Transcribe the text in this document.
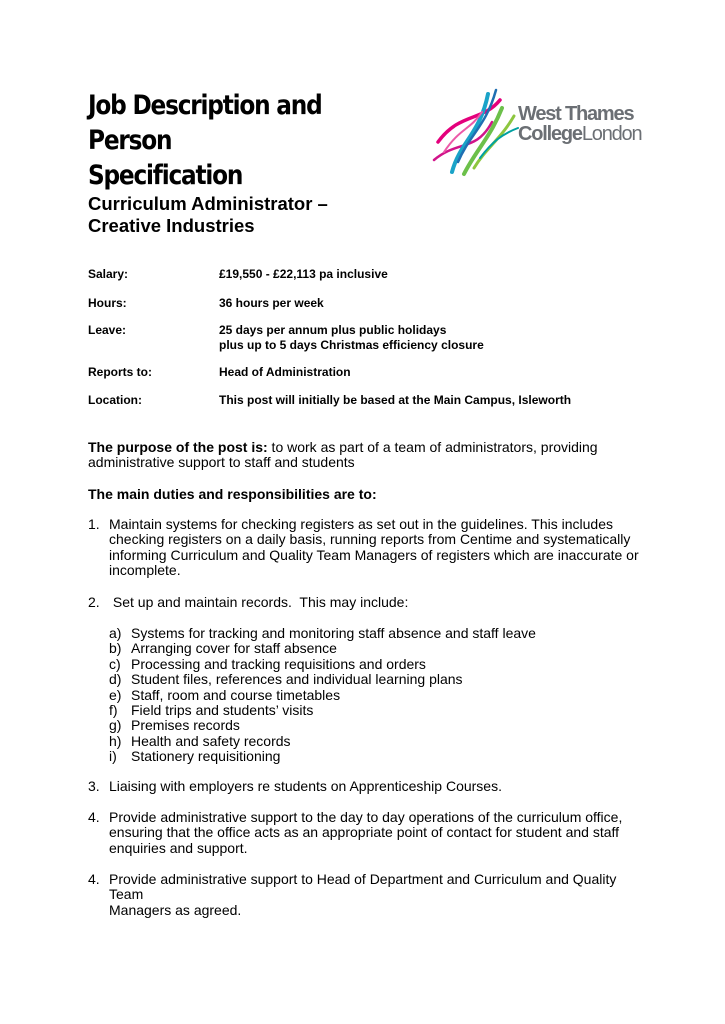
Job Description and Person
Specification
West Thames
CollegeLondon
Curriculum Administrator –
Creative Industries
Salary:	£19,550 - £22,113 pa inclusive
Hours:	36 hours per week
Leave:	25 days per annum plus public holidays
plus up to 5 days Christmas efficiency closure
Reports to:	Head of Administration
Location:	This post will initially be based at the Main Campus, Isleworth
The purpose of the post is: to work as part of a team of administrators, providing
administrative support to staff and students
The main duties and responsibilities are to:
1. Maintain systems for checking registers as set out in the guidelines. This includes
checking registers on a daily basis, running reports from Centime and systematically
informing Curriculum and Quality Team Managers of registers which are inaccurate or
incomplete.
2. Set up and maintain records.  This may include:
a) Systems for tracking and monitoring staff absence and staff leave
b) Arranging cover for staff absence
c) Processing and tracking requisitions and orders
d) Student files, references and individual learning plans
e) Staff, room and course timetables
f) Field trips and students’ visits
g) Premises records
h) Health and safety records
i) Stationery requisitioning
3. Liaising with employers re students on Apprenticeship Courses.
4. Provide administrative support to the day to day operations of the curriculum office,
ensuring that the office acts as an appropriate point of contact for student and staff
enquiries and support.
4. Provide administrative support to Head of Department and Curriculum and Quality Team
Managers as agreed.
